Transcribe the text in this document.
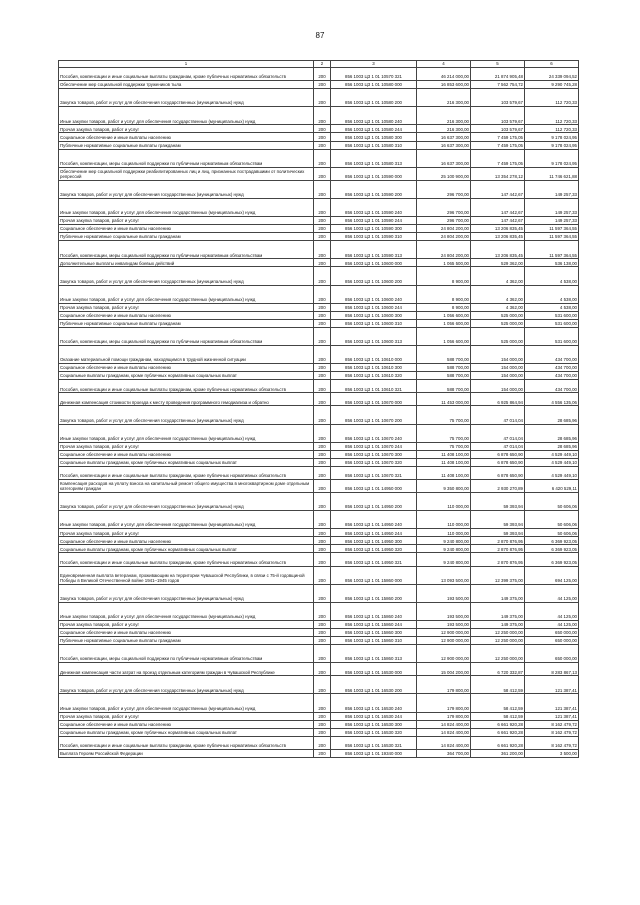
87
1	2	3	4	5	6
Пособия, компенсации и иные социальные выплаты гражданам, кроме публичных нормативных обязательств	200	856 1003 Ц3 1 01 10570 321	46 214 000,00	21 874 905,48	24 339 094,52
Обеспечение мер социальной поддержки тружеников тыла	200	856 1003 Ц3 1 01 10580 000	16 853 600,00	7 562 754,72	9 290 745,28
Закупка товаров, работ и услуг для обеспечения государственных (муниципальных) нужд	200	856 1003 Ц3 1 01 10580 200	216 300,00	103 579,67	112 720,33
Иные закупки товаров, работ и услуг для обеспечения государственных (муниципальных) нужд	200	856 1003 Ц3 1 01 10580 240	216 300,00	103 579,67	112 720,33
Прочая закупка товаров, работ и услуг	200	856 1003 Ц3 1 01 10580 244	216 300,00	103 579,67	112 720,33
Социальное обеспечение и иные выплаты населению	200	856 1003 Ц3 1 01 10580 300	16 637 300,00	7 459 175,05	9 178 024,95
Публичные нормативные социальные выплаты гражданам	200	856 1003 Ц3 1 01 10580 310	16 637 300,00	7 459 175,05	9 178 024,95
Пособия, компенсации, меры социальной поддержки по публичным нормативным обязательствам	200	856 1003 Ц3 1 01 10580 313	16 637 300,00	7 459 175,05	9 178 024,95
Обеспечение мер социальной поддержки реабилитированных лиц и лиц, признанных пострадавшими от политических репрессий	200	856 1003 Ц3 1 01 10590 000	25 100 900,00	13 354 278,12	11 746 621,88
Закупка товаров, работ и услуг для обеспечения государственных (муниципальных) нужд	200	856 1003 Ц3 1 01 10590 200	296 700,00	147 442,67	149 257,33
Иные закупки товаров, работ и услуг для обеспечения государственных (муниципальных) нужд	200	856 1003 Ц3 1 01 10590 240	296 700,00	147 442,67	149 257,33
Прочая закупка товаров, работ и услуг	200	856 1003 Ц3 1 01 10590 244	296 700,00	147 442,67	149 257,33
Социальное обеспечение и иные выплаты населению	200	856 1003 Ц3 1 01 10590 300	24 804 200,00	13 206 835,45	11 597 364,55
Публичные нормативные социальные выплаты гражданам	200	856 1003 Ц3 1 01 10590 310	24 804 200,00	13 206 835,45	11 597 364,55
Пособия, компенсации, меры социальной поддержки по публичным нормативным обязательствам	200	856 1003 Ц3 1 01 10590 313	24 804 200,00	13 206 835,45	11 597 364,55
Дополнительные выплаты инвалидам боевых действий	200	856 1003 Ц3 1 01 10600 000	1 065 500,00	529 362,00	536 138,00
Закупка товаров, работ и услуг для обеспечения государственных (муниципальных) нужд	200	856 1003 Ц3 1 01 10600 200	8 900,00	4 362,00	4 538,00
Иные закупки товаров, работ и услуг для обеспечения государственных (муниципальных) нужд	200	856 1003 Ц3 1 01 10600 240	8 900,00	4 362,00	4 538,00
Прочая закупка товаров, работ и услуг	200	856 1003 Ц3 1 01 10600 244	8 900,00	4 362,00	4 538,00
Социальное обеспечение и иные выплаты населению	200	856 1003 Ц3 1 01 10600 300	1 056 600,00	525 000,00	531 600,00
Публичные нормативные социальные выплаты гражданам	200	856 1003 Ц3 1 01 10600 310	1 056 600,00	525 000,00	531 600,00
Пособия, компенсации, меры социальной поддержки по публичным нормативным обязательствам	200	856 1003 Ц3 1 01 10600 313	1 056 600,00	525 000,00	531 600,00
Оказание материальной помощи гражданам, находящимся в трудной жизненной ситуации	200	856 1003 Ц3 1 01 10610 000	588 700,00	154 000,00	434 700,00
Социальное обеспечение и иные выплаты населению	200	856 1003 Ц3 1 01 10610 300	588 700,00	154 000,00	434 700,00
Социальные выплаты гражданам, кроме публичных нормативных социальных выплат	200	856 1003 Ц3 1 01 10610 320	588 700,00	154 000,00	434 700,00
Пособия, компенсации и иные социальные выплаты гражданам, кроме публичных нормативных обязательств	200	856 1003 Ц3 1 01 10610 321	588 700,00	154 000,00	434 700,00
Денежная компенсация стоимости проезда к месту проведения программного гемодиализа и обратно	200	856 1003 Ц3 1 01 10670 000	11 453 000,00	6 925 864,94	4 556 135,06
Закупка товаров, работ и услуг для обеспечения государственных (муниципальных) нужд	200	856 1003 Ц3 1 01 10670 200	75 700,00	47 014,04	28 685,96
Иные закупки товаров, работ и услуг для обеспечения государственных (муниципальных) нужд	200	856 1003 Ц3 1 01 10670 240	75 700,00	47 014,04	28 685,96
Прочая закупка товаров, работ и услуг	200	856 1003 Ц3 1 01 10670 244	75 700,00	47 014,04	28 685,96
Социальное обеспечение и иные выплаты населению	200	856 1003 Ц3 1 01 10670 300	11 408 100,00	6 878 650,90	4 529 449,10
Социальные выплаты гражданам, кроме публичных нормативных социальных выплат	200	856 1003 Ц3 1 01 10670 320	11 408 100,00	6 878 650,90	4 529 449,10
Пособия, компенсации и иные социальные выплаты гражданам, кроме публичных нормативных обязательств	200	856 1003 Ц3 1 01 10670 321	11 408 100,00	6 878 650,90	4 529 449,10
Компенсация расходов на уплату взноса на капитальный ремонт общего имущества в многоквартирном доме отдельным категориям граждан	200	856 1003 Ц3 1 01 14950 000	9 350 800,00	2 930 270,89	6 420 529,11
Закупка товаров, работ и услуг для обеспечения государственных (муниципальных) нужд	200	856 1003 Ц3 1 01 14950 200	110 000,00	59 393,94	50 606,06
Иные закупки товаров, работ и услуг для обеспечения государственных (муниципальных) нужд	200	856 1003 Ц3 1 01 14950 240	110 000,00	59 393,94	50 606,06
Прочая закупка товаров, работ и услуг	200	856 1003 Ц3 1 01 14950 244	110 000,00	59 393,94	50 606,06
Социальное обеспечение и иные выплаты населению	200	856 1003 Ц3 1 01 14950 300	9 240 800,00	2 870 876,95	6 369 923,05
Социальные выплаты гражданам, кроме публичных нормативных социальных выплат	200	856 1003 Ц3 1 01 14950 320	9 240 800,00	2 870 876,95	6 369 923,05
Пособия, компенсации и иные социальные выплаты гражданам, кроме публичных нормативных обязательств	200	856 1003 Ц3 1 01 14950 321	9 240 800,00	2 870 876,95	6 369 923,05
Единовременная выплата ветеранам, проживающим на территории Чувашской Республики, в связи с 75-й годовщиной Победы в Великой Отечественной войне 1941–1945 годов	200	856 1003 Ц3 1 01 15860 000	13 093 500,00	12 399 375,00	694 125,00
Закупка товаров, работ и услуг для обеспечения государственных (муниципальных) нужд	200	856 1003 Ц3 1 01 15860 200	193 500,00	149 375,00	44 125,00
Иные закупки товаров, работ и услуг для обеспечения государственных (муниципальных) нужд	200	856 1003 Ц3 1 01 15860 240	193 500,00	149 375,00	44 125,00
Прочая закупка товаров, работ и услуг	200	856 1003 Ц3 1 01 15860 244	193 500,00	149 375,00	44 125,00
Социальное обеспечение и иные выплаты населению	200	856 1003 Ц3 1 01 15860 300	12 900 000,00	12 250 000,00	650 000,00
Публичные нормативные социальные выплаты гражданам	200	856 1003 Ц3 1 01 15860 310	12 900 000,00	12 250 000,00	650 000,00
Пособия, компенсации, меры социальной поддержки по публичным нормативным обязательствам	200	856 1003 Ц3 1 01 15860 313	12 900 000,00	12 250 000,00	650 000,00
Денежная компенсация части затрат на проезд отдельным категориям граждан в Чувашской Республике	200	856 1003 Ц3 1 01 16530 000	15 004 200,00	6 720 332,87	8 283 867,13
Закупка товаров, работ и услуг для обеспечения государственных (муниципальных) нужд	200	856 1003 Ц3 1 01 16530 200	179 800,00	58 412,59	121 387,41
Иные закупки товаров, работ и услуг для обеспечения государственных (муниципальных) нужд	200	856 1003 Ц3 1 01 16530 240	179 800,00	58 412,59	121 387,41
Прочая закупка товаров, работ и услуг	200	856 1003 Ц3 1 01 16530 244	179 800,00	58 412,59	121 387,41
Социальное обеспечение и иные выплаты населению	200	856 1003 Ц3 1 01 16530 300	14 824 400,00	6 661 920,28	8 162 479,72
Социальные выплаты гражданам, кроме публичных нормативных социальных выплат	200	856 1003 Ц3 1 01 16530 320	14 824 400,00	6 661 920,28	8 162 479,72
Пособия, компенсации и иные социальные выплаты гражданам, кроме публичных нормативных обязательств	200	856 1003 Ц3 1 01 16530 321	14 824 400,00	6 661 920,28	8 162 479,72
Выплата Героям Российской Федерации	200	856 1003 Ц3 1 01 19340 000	364 700,00	361 200,00	3 500,00
